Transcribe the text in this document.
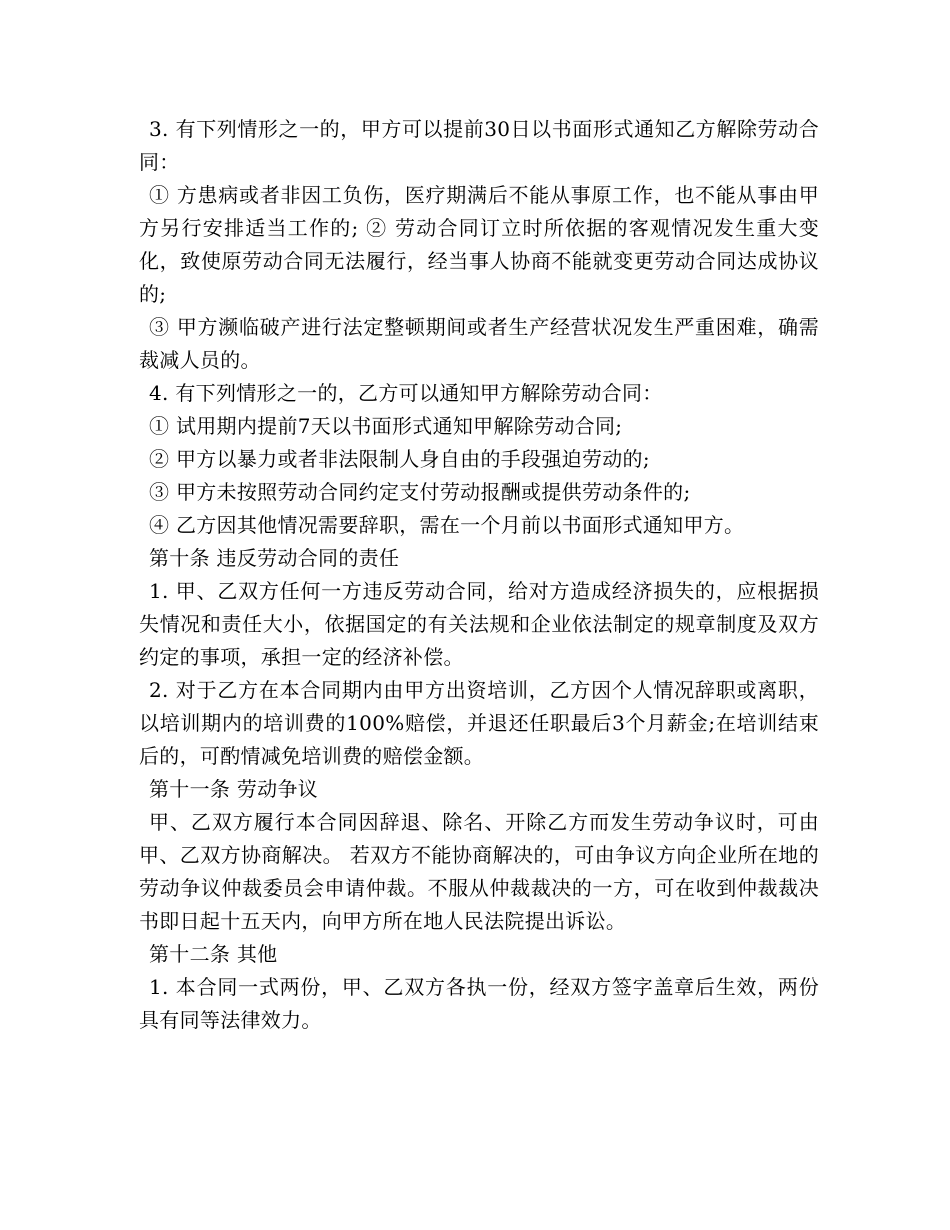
3. 有下列情形之一的，甲方可以提前30日以书面形式通知乙方解除劳动合同：

① 方患病或者非因工负伤，医疗期满后不能从事原工作，也不能从事由甲方另行安排适当工作的; ② 劳动合同订立时所依据的客观情况发生重大变化，致使原劳动合同无法履行，经当事人协商不能就变更劳动合同达成协议的;

③ 甲方濒临破产进行法定整顿期间或者生产经营状况发生严重困难，确需裁减人员的。

4. 有下列情形之一的，乙方可以通知甲方解除劳动合同：

① 试用期内提前7天以书面形式通知甲解除劳动合同;

② 甲方以暴力或者非法限制人身自由的手段强迫劳动的;

③ 甲方未按照劳动合同约定支付劳动报酬或提供劳动条件的;

④ 乙方因其他情况需要辞职，需在一个月前以书面形式通知甲方。

第十条 违反劳动合同的责任

1. 甲、乙双方任何一方违反劳动合同，给对方造成经济损失的，应根据损失情况和责任大小，依据国定的有关法规和企业依法制定的规章制度及双方约定的事项，承担一定的经济补偿。

2. 对于乙方在本合同期内由甲方出资培训，乙方因个人情况辞职或离职，以培训期内的培训费的100%赔偿，并退还任职最后3个月薪金;在培训结束后的，可酌情减免培训费的赔偿金额。

第十一条 劳动争议

甲、乙双方履行本合同因辞退、除名、开除乙方而发生劳动争议时，可由甲、乙双方协商解决。 若双方不能协商解决的，可由争议方向企业所在地的劳动争议仲裁委员会申请仲裁。不服从仲裁裁决的一方，可在收到仲裁裁决书即日起十五天内，向甲方所在地人民法院提出诉讼。

第十二条 其他

1. 本合同一式两份，甲、乙双方各执一份，经双方签字盖章后生效，两份具有同等法律效力。
